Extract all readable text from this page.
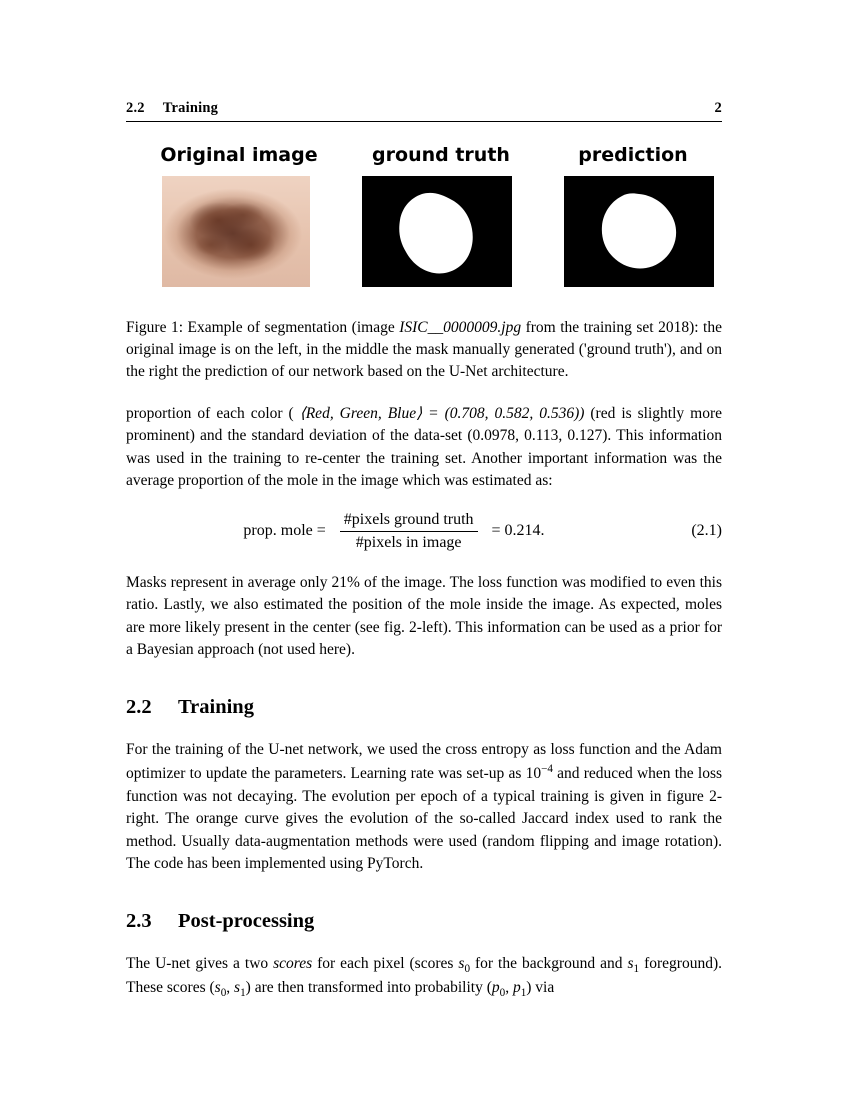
2.2 Training	2
Original image	ground truth	prediction
Figure 1: Example of segmentation (image ISIC__0000009.jpg from the training set 2018): the original image is on the left, in the middle the mask manually generated ('ground truth'), and on the right the prediction of our network based on the U-Net architecture.

proportion of each color ( ⟨Red, Green, Blue⟩ = (0.708, 0.582, 0.536)) (red is slightly more prominent) and the standard deviation of the data-set (0.0978, 0.113, 0.127). This information was used in the training to re-center the training set. Another important information was the average proportion of the mole in the image which was estimated as:

prop. mole = $\frac{\text{\#pixels ground truth}}{\text{\#pixels in image}} = 0.214$.	(2.1)

Masks represent in average only 21% of the image. The loss function was modified to even this ratio. Lastly, we also estimated the position of the mole inside the image. As expected, moles are more likely present in the center (see fig. 2-left). This information can be used as a prior for a Bayesian approach (not used here).

2.2	Training

For the training of the U-net network, we used the cross entropy as loss function and the Adam optimizer to update the parameters. Learning rate was set-up as $10^{-4}$ and reduced when the loss function was not decaying. The evolution per epoch of a typical training is given in figure 2-right. The orange curve gives the evolution of the so-called Jaccard index used to rank the method. Usually data-augmentation methods were used (random flipping and image rotation). The code has been implemented using PyTorch.

2.3	Post-processing

The U-net gives a two scores for each pixel (scores $s_0$ for the background and $s_1$ foreground). These scores ($s_0$, $s_1$) are then transformed into probability ($p_0$, $p_1$) via
